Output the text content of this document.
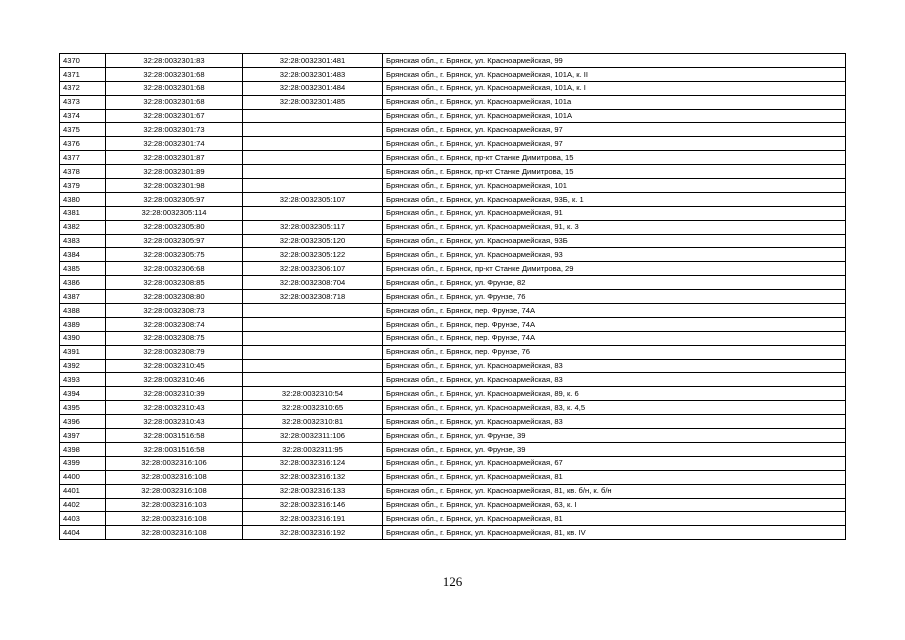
4370	32:28:0032301:83	32:28:0032301:481	Брянская обл., г. Брянск, ул. Красноармейская, 99
4371	32:28:0032301:68	32:28:0032301:483	Брянская обл., г. Брянск, ул. Красноармейская, 101А, к. II
4372	32:28:0032301:68	32:28:0032301:484	Брянская обл., г. Брянск, ул. Красноармейская, 101А, к. I
4373	32:28:0032301:68	32:28:0032301:485	Брянская обл., г. Брянск, ул. Красноармейская, 101а
4374	32:28:0032301:67		Брянская обл., г. Брянск, ул. Красноармейская, 101А
4375	32:28:0032301:73		Брянская обл., г. Брянск, ул. Красноармейская, 97
4376	32:28:0032301:74		Брянская обл., г. Брянск, ул. Красноармейская, 97
4377	32:28:0032301:87		Брянская обл., г. Брянск, пр-кт Станке Димитрова, 15
4378	32:28:0032301:89		Брянская обл., г. Брянск, пр-кт Станке Димитрова, 15
4379	32:28:0032301:98		Брянская обл., г. Брянск, ул. Красноармейская, 101
4380	32:28:0032305:97	32:28:0032305:107	Брянская обл., г. Брянск, ул. Красноармейская, 93Б, к. 1
4381	32:28:0032305:114		Брянская обл., г. Брянск, ул. Красноармейская, 91
4382	32:28:0032305:80	32:28:0032305:117	Брянская обл., г. Брянск, ул. Красноармейская, 91, к. 3
4383	32:28:0032305:97	32:28:0032305:120	Брянская обл., г. Брянск, ул. Красноармейская, 93Б
4384	32:28:0032305:75	32:28:0032305:122	Брянская обл., г. Брянск, ул. Красноармейская, 93
4385	32:28:0032306:68	32:28:0032306:107	Брянская обл., г. Брянск, пр-кт Станке Димитрова, 29
4386	32:28:0032308:85	32:28:0032308:704	Брянская обл., г. Брянск, ул. Фрунзе, 82
4387	32:28:0032308:80	32:28:0032308:718	Брянская обл., г. Брянск, ул. Фрунзе, 76
4388	32:28:0032308:73		Брянская обл., г. Брянск, пер. Фрунзе, 74А
4389	32:28:0032308:74		Брянская обл., г. Брянск, пер. Фрунзе, 74А
4390	32:28:0032308:75		Брянская обл., г. Брянск, пер. Фрунзе, 74А
4391	32:28:0032308:79		Брянская обл., г. Брянск, пер. Фрунзе, 76
4392	32:28:0032310:45		Брянская обл., г. Брянск, ул. Красноармейская, 83
4393	32:28:0032310:46		Брянская обл., г. Брянск, ул. Красноармейская, 83
4394	32:28:0032310:39	32:28:0032310:54	Брянская обл., г. Брянск, ул. Красноармейская, 89, к. 6
4395	32:28:0032310:43	32:28:0032310:65	Брянская обл., г. Брянск, ул. Красноармейская, 83, к. 4,5
4396	32:28:0032310:43	32:28:0032310:81	Брянская обл., г. Брянск, ул. Красноармейская, 83
4397	32:28:0031516:58	32:28:0032311:106	Брянская обл., г. Брянск, ул. Фрунзе, 39
4398	32:28:0031516:58	32:28:0032311:95	Брянская обл., г. Брянск, ул. Фрунзе, 39
4399	32:28:0032316:106	32:28:0032316:124	Брянская обл., г. Брянск, ул. Красноармейская, 67
4400	32:28:0032316:108	32:28:0032316:132	Брянская обл., г. Брянск, ул. Красноармейская, 81
4401	32:28:0032316:108	32:28:0032316:133	Брянская обл., г. Брянск, ул. Красноармейская, 81, кв. б/н, к. б/н
4402	32:28:0032316:103	32:28:0032316:146	Брянская обл., г. Брянск, ул. Красноармейская, 63, к. I
4403	32:28:0032316:108	32:28:0032316:191	Брянская обл., г. Брянск, ул. Красноармейская, 81
4404	32:28:0032316:108	32:28:0032316:192	Брянская обл., г. Брянск, ул. Красноармейская, 81, кв. IV
126
